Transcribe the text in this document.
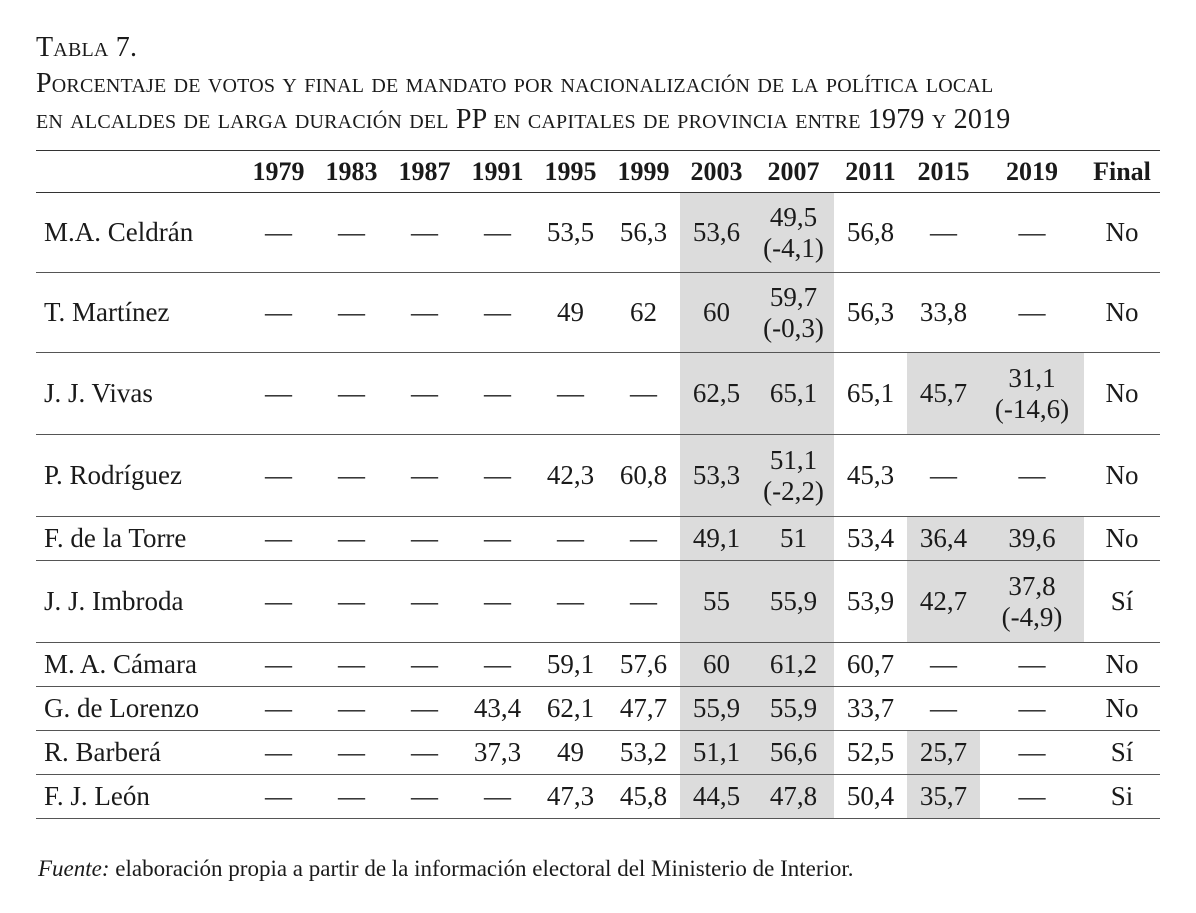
Tabla 7.
Porcentaje de votos y final de mandato por nacionalización de la política local
en alcaldes de larga duración del PP en capitales de provincia entre 1979 y 2019
	1979	1983	1987	1991	1995	1999	2003	2007	2011	2015	2019	Final
M.A. Celdrán	—	—	—	—	53,5	56,3	53,6	49,5
(-4,1)	56,8	—	—	No

T. Martínez	—	—	—	—	49	62	60	59,7
(-0,3)	56,3	33,8	—	No

J. J. Vivas	—	—	—	—	—	—	62,5	65,1	65,1	45,7	31,1
(-14,6)	No

P. Rodríguez	—	—	—	—	42,3	60,8	53,3	51,1
(-2,2)	45,3	—	—	No

F. de la Torre	—	—	—	—	—	—	49,1	51	53,4	36,4	39,6	No

J. J. Imbroda	—	—	—	—	—	—	55	55,9	53,9	42,7	37,8
(-4,9)	Sí

M. A. Cámara	—	—	—	—	59,1	57,6	60	61,2	60,7	—	—	No

G. de Lorenzo	—	—	—	43,4	62,1	47,7	55,9	55,9	33,7	—	—	No

R. Barberá	—	—	—	37,3	49	53,2	51,1	56,6	52,5	25,7	—	Sí

F. J. León	—	—	—	—	47,3	45,8	44,5	47,8	50,4	35,7	—	Si
Fuente: elaboración propia a partir de la información electoral del Ministerio de Interior.
